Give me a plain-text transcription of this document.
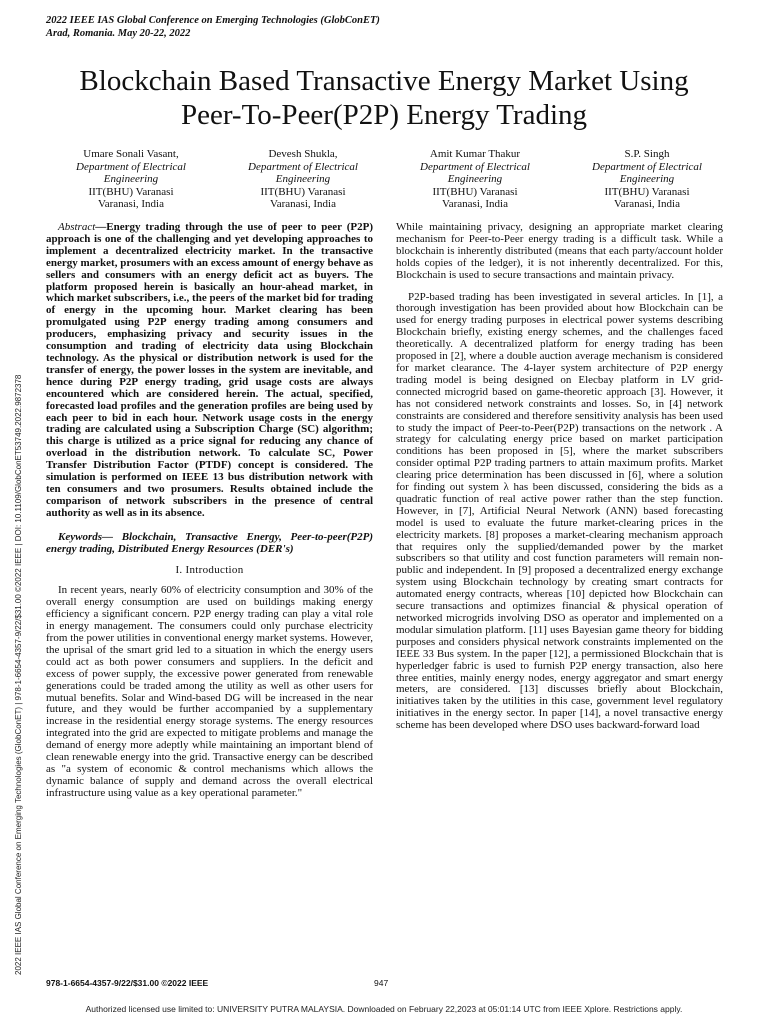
2022 IEEE IAS Global Conference on Emerging Technologies (GlobConET)
Arad, Romania. May 20-22, 2022
2022 IEEE IAS Global Conference on Emerging Technologies (GlobConET) | 978-1-6654-4357-9/22/$31.00 ©2022 IEEE | DOI: 10.1109/GlobConET53749.2022.9872378
Blockchain Based Transactive Energy Market Using
Peer-To-Peer(P2P) Energy Trading
Umare Sonali Vasant,
Department of Electrical
Engineering
IIT(BHU) Varanasi
Varanasi, India
Devesh Shukla,
Department of Electrical
Engineering
IIT(BHU) Varanasi
Varanasi, India
Amit Kumar Thakur
Department of Electrical
Engineering
IIT(BHU) Varanasi
Varanasi, India
S.P. Singh
Department of Electrical
Engineering
IIT(BHU) Varanasi
Varanasi, India

Abstract—Energy trading through the use of peer to peer (P2P) approach is one of the challenging and yet developing approaches to implement a decentralized electricity market. In the transactive energy market, prosumers with an excess amount of energy behave as sellers and consumers with an energy deficit act as buyers. The platform proposed herein is basically an hour-ahead market, in which market subscribers, i.e., the peers of the market bid for trading of energy in the upcoming hour. Market clearing has been promulgated using P2P energy trading among consumers and producers, emphasizing privacy and security issues in the consumption and trading of electricity data using Blockchain technology. As the physical or distribution network is used for the transfer of energy, the power losses in the system are inevitable, and hence during P2P energy trading, grid usage costs are always encountered which are considered herein. The actual, specified, forecasted load profiles and the generation profiles are being used by each peer to bid in each hour. Network usage costs in the energy trading are calculated using a Subscription Charge (SC) algorithm; this charge is utilized as a price signal for reducing any chance of overload in the distribution network. To calculate SC, Power Transfer Distribution Factor (PTDF) concept is considered. The simulation is performed on IEEE 13 bus distribution network with ten consumers and two prosumers. Results obtained include the comparison of network subscribers in the presence of central authority as well as in its absence.

Keywords— Blockchain, Transactive Energy, Peer-to-peer(P2P) energy trading, Distributed Energy Resources (DER's)

I. Introduction

In recent years, nearly 60% of electricity consumption and 30% of the overall energy consumption are used on buildings making energy efficiency a significant concern. P2P energy trading can play a vital role in energy management. The consumers could only purchase electricity from the power utilities in conventional energy market systems. However, the uprisal of the smart grid led to a situation in which the energy users could act as both power consumers and suppliers. In the deficit and excess of power supply, the excessive power generated from renewable generations could be traded among the utility as well as other users for mutual benefits. Solar and Wind-based DG will be increased in the near future, and they would be further accompanied by a supplementary increase in the residential energy storage systems. The energy resources integrated into the grid are expected to mitigate problems and manage the demand of energy more adeptly while maintaining an important blend of clean renewable energy into the grid. Transactive energy can be described as "a system of economic & control mechanisms which allows the dynamic balance of supply and demand across the overall electrical infrastructure using value as a key operational parameter."

While maintaining privacy, designing an appropriate market clearing mechanism for Peer-to-Peer energy trading is a difficult task. While a blockchain is inherently distributed (means that each party/account holder holds copies of the ledger), it is not inherently decentralized. For this, Blockchain is used to secure transactions and maintain privacy.

P2P-based trading has been investigated in several articles. In [1], a thorough investigation has been provided about how Blockchain can be used for energy trading purposes in electrical power systems describing Blockchain briefly, existing energy schemes, and the challenges faced theoretically. A decentralized platform for energy trading has been proposed in [2], where a double auction average mechanism is considered for market clearance. The 4-layer system architecture of P2P energy trading model is being designed on Elecbay platform in LV grid-connected microgrid based on game-theoretic approach [3]. However, it has not considered network constraints and losses. So, in [4] network constraints are considered and therefore sensitivity analysis has been used to study the impact of Peer-to-Peer(P2P) transactions on the network . A strategy for calculating energy price based on market participation conditions has been proposed in [5], where the market subscribers consider optimal P2P trading partners to attain maximum profits. Market clearing price determination has been discussed in [6], where a solution for finding out system λ has been discussed, considering the bids as a quadratic function of real active power rather than the step function. However, in [7], Artificial Neural Network (ANN) based forecasting model is used to evaluate the future market-clearing prices in the electricity markets. [8] proposes a market-clearing mechanism approach that requires only the supplied/demanded power by the market subscribers so that utility and cost function parameters will remain non-public and independent. In [9] proposed a decentralized energy exchange system using Blockchain technology by creating smart contracts for automated energy contracts, whereas [10] depicted how Blockchain can secure transactions and optimizes financial & physical operation of networked microgrids involving DSO as operator and implemented on a modular simulation platform. [11] uses Bayesian game theory for bidding purposes and considers physical network constraints implemented on the IEEE 33 Bus system. In the paper [12], a permissioned Blockchain that is hyperledger fabric is used to furnish P2P energy transaction, also here three entities, mainly energy nodes, energy aggregator and smart energy meters, are considered. [13] discusses briefly about Blockchain, initiatives taken by the utilities in this case, government level regulatory initiatives in the energy sector. In paper [14], a novel transactive energy scheme has been developed where DSO uses backward-forward load

978-1-6654-4357-9/22/$31.00 ©2022 IEEE	947
Authorized licensed use limited to: UNIVERSITY PUTRA MALAYSIA. Downloaded on February 22,2023 at 05:01:14 UTC from IEEE Xplore. Restrictions apply.
